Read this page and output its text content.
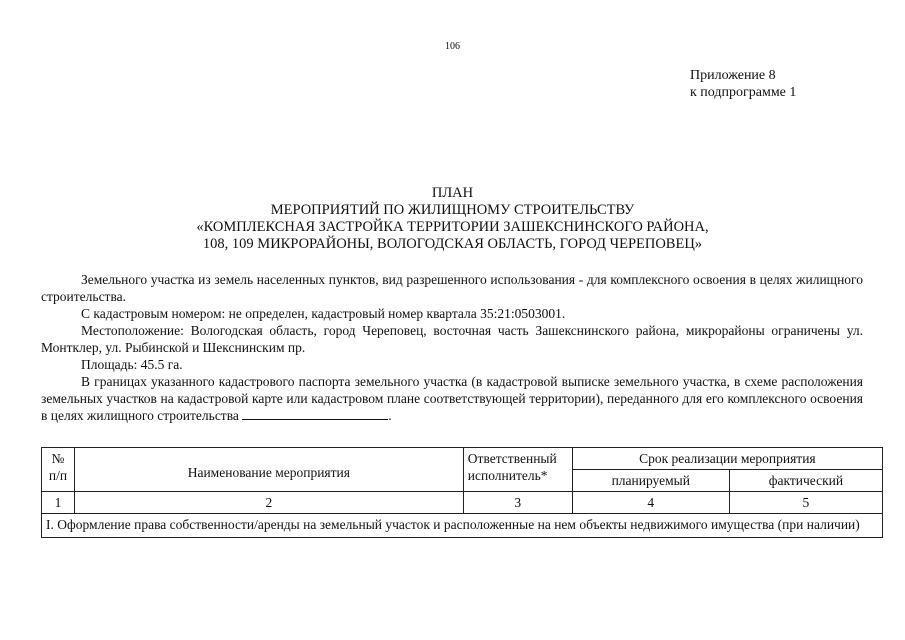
106
Приложение 8
к подпрограмме 1
ПЛАН
МЕРОПРИЯТИЙ ПО ЖИЛИЩНОМУ СТРОИТЕЛЬСТВУ
«КОМПЛЕКСНАЯ ЗАСТРОЙКА ТЕРРИТОРИИ ЗАШЕКСНИНСКОГО РАЙОНА,
108, 109 МИКРОРАЙОНЫ, ВОЛОГОДСКАЯ ОБЛАСТЬ, ГОРОД ЧЕРЕПОВЕЦ»

Земельного участка из земель населенных пунктов, вид разрешенного использования - для комплексного освоения в целях жилищного строительства.

С кадастровым номером: не определен, кадастровый номер квартала 35:21:0503001.

Местоположение: Вологодская область, город Череповец, восточная часть Зашекснинского района, микрорайоны ограничены ул. Монтклер, ул. Рыбинской и Шекснинским пр.

Площадь: 45.5 га.

В границах указанного кадастрового паспорта земельного участка (в кадастровой выписке земельного участка, в схеме расположения земельных участков на кадастровой карте или кадастровом плане соответствующей территории), переданного для его комплексного освоения в целях жилищного строительства	.

№ п/п	Наименование мероприятия	Ответственный исполнитель*	Срок реализации мероприятия	
			планируемый	фактический
1	2	3	4	5
I. Оформление права собственности/аренды на земельный участок и расположенные на нем объекты недвижимого имущества (при наличии)				
